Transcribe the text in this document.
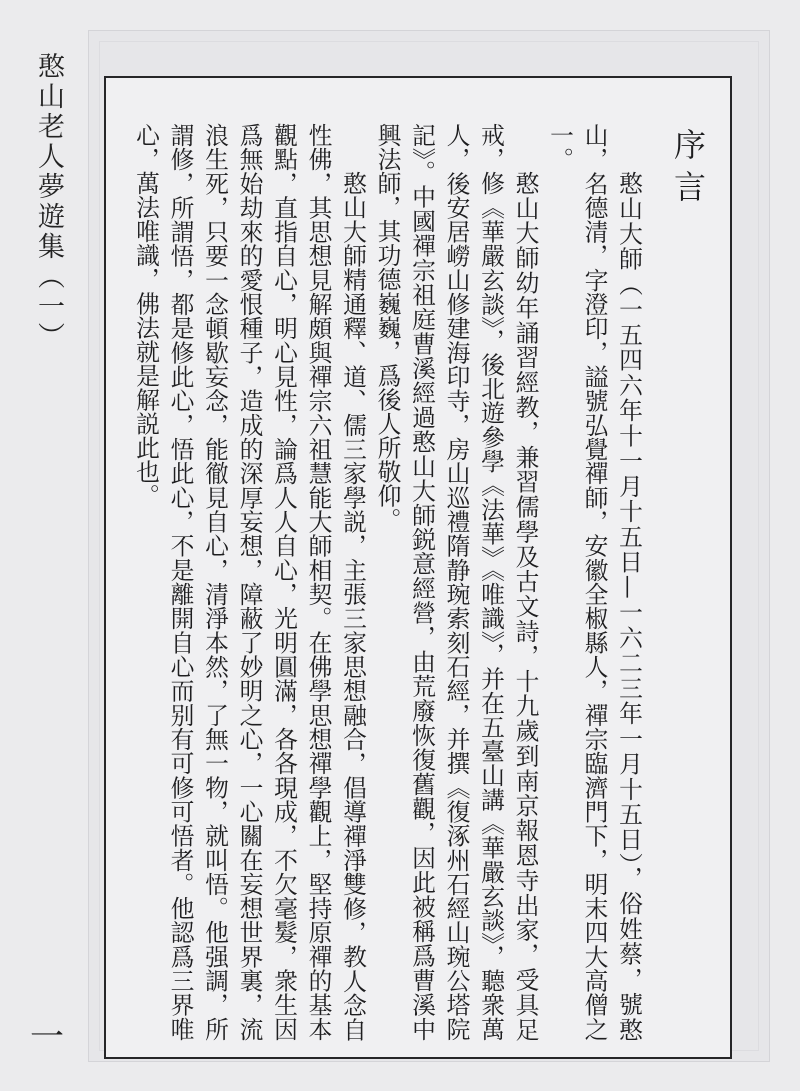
憨山老人夢遊集（一）
一
序言

憨山大師（一五四六年十一月十五日—一六二三年一月十五日），俗姓蔡，號憨山，名德清，字澄印，謚號弘覺禪師，安徽全椒縣人，禪宗臨濟門下，明末四大高僧之一。

憨山大師幼年誦習經教，兼習儒學及古文詩，十九歲到南京報恩寺出家，受具足戒，修《華嚴玄談》，後北遊參學《法華》《唯識》，并在五臺山講《華嚴玄談》，聽衆萬人，後安居嶗山修建海印寺，房山巡禮隋静琬索刻石經，并撰《復涿州石經山琬公塔院記》。中國禪宗祖庭曹溪經過憨山大師鋭意經營，由荒廢恢復舊觀，因此被稱爲曹溪中興法師，其功德巍巍，爲後人所敬仰。

憨山大師精通釋、道、儒三家學説，主張三家思想融合，倡導禪淨雙修，教人念自性佛，其思想見解頗與禪宗六祖慧能大師相契。在佛學思想禪學觀上，堅持原禪的基本觀點，直指自心，明心見性，論爲人人自心，光明圓滿，各各現成，不欠毫髮，衆生因爲無始劫來的愛恨種子，造成的深厚妄想，障蔽了妙明之心，一心關在妄想世界裏，流浪生死，只要一念頓歇妄念，能徹見自心，清淨本然，了無一物，就叫悟。他强調，所謂修，所謂悟，都是修此心，悟此心，不是離開自心而别有可修可悟者。他認爲三界唯心，萬法唯識，佛法就是解説此也。
